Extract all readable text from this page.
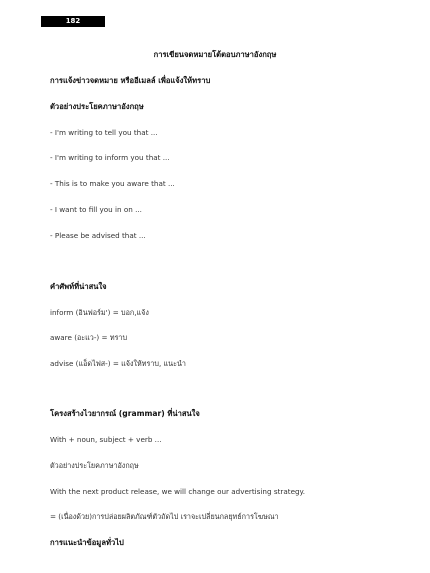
182
การเขียนจดหมายโต้ตอบภาษาอังกฤษ
การแจ้งข่าวจดหมาย หรืออีเมลล์ เพื่อแจ้งให้ทราบ
ตัวอย่างประโยคภาษาอังกฤษ
- I'm writing to tell you that ...
- I'm writing to inform you that ...
- This is to make you aware that ...
- I want to fill you in on ...
- Please be advised that ...
คำศัพท์ที่น่าสนใจ
inform (อินฟอร์ม') = บอก,แจ้ง
aware (อะแว-) = ทราบ
advise (แอ็ดไฟส-) = แจ้งให้ทราบ, แนะนำ
โครงสร้างไวยากรณ์ (grammar) ที่น่าสนใจ
With + noun, subject + verb ...
ตัวอย่างประโยคภาษาอังกฤษ
With the next product release, we will change our advertising strategy.
= (เนื่องด้วย)การปล่อยผลิตภัณฑ์ตัวถัดไป เราจะเปลี่ยนกลยุทธ์การโฆษณา
การแนะนำข้อมูลทั่วไป
